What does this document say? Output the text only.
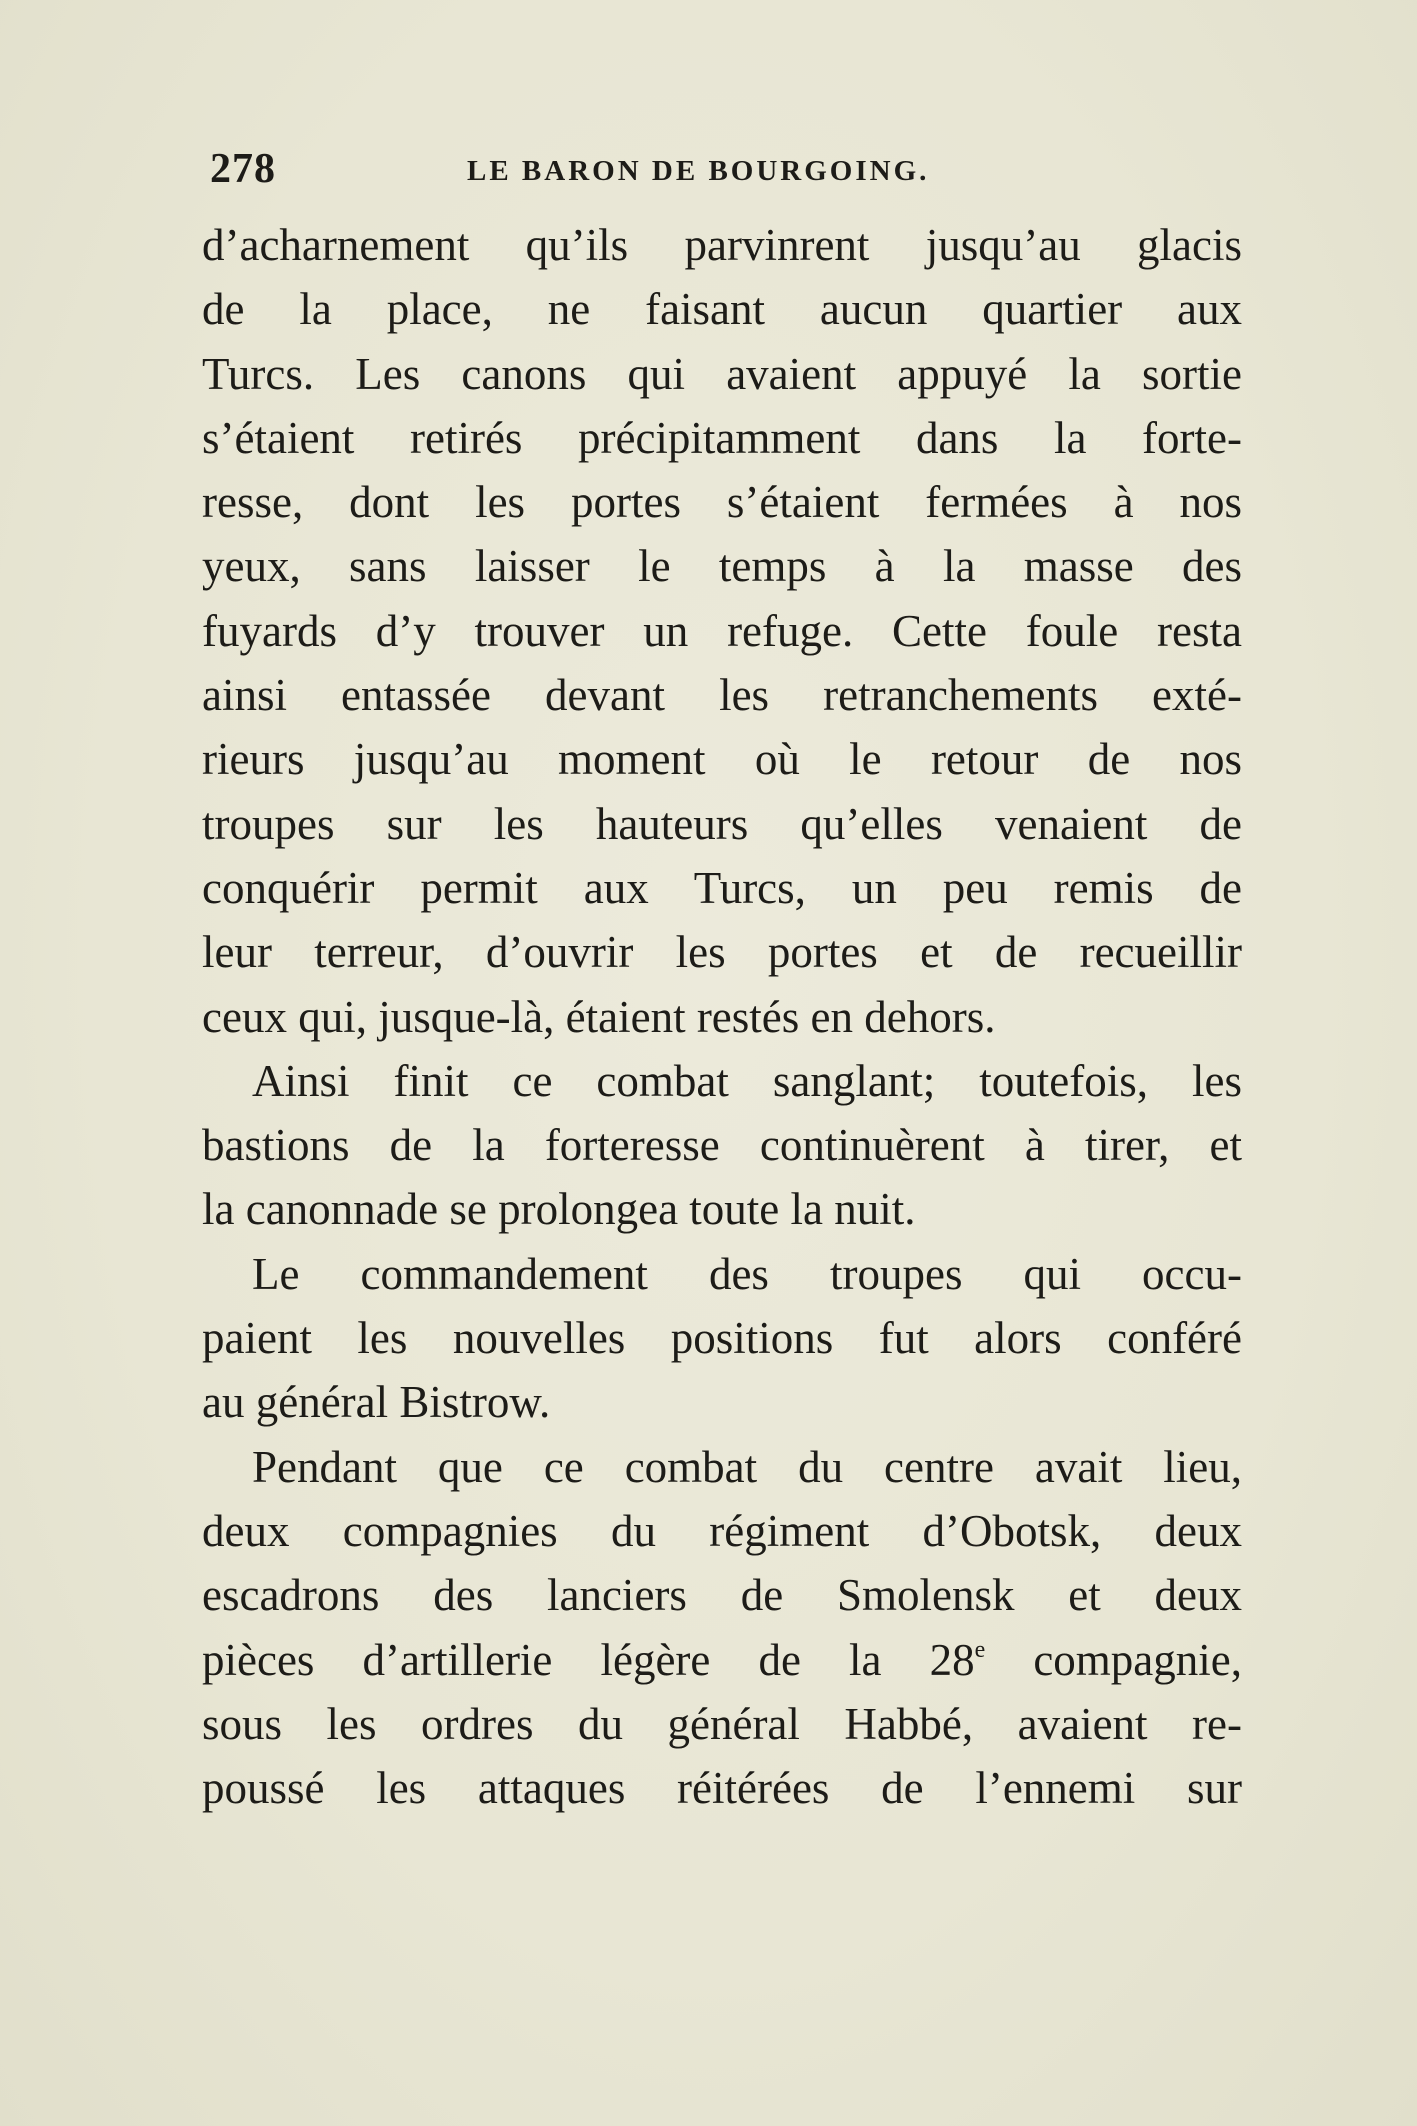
278	LE BARON DE BOURGOING.
d’acharnement qu’ils parvinrent jusqu’au glacis
de la place, ne faisant aucun quartier aux
Turcs. Les canons qui avaient appuyé la sortie
s’étaient retirés précipitamment dans la forte-
resse, dont les portes s’étaient fermées à nos
yeux, sans laisser le temps à la masse des
fuyards d’y trouver un refuge. Cette foule resta
ainsi entassée devant les retranchements exté-
rieurs jusqu’au moment où le retour de nos
troupes sur les hauteurs qu’elles venaient de
conquérir permit aux Turcs, un peu remis de
leur terreur, d’ouvrir les portes et de recueillir
ceux qui, jusque-là, étaient restés en dehors.
Ainsi finit ce combat sanglant; toutefois, les
bastions de la forteresse continuèrent à tirer, et
la canonnade se prolongea toute la nuit.
Le commandement des troupes qui occu-
paient les nouvelles positions fut alors conféré
au général Bistrow.
Pendant que ce combat du centre avait lieu,
deux compagnies du régiment d’Obotsk, deux
escadrons des lanciers de Smolensk et deux
pièces d’artillerie légère de la 28e compagnie,
sous les ordres du général Habbé, avaient re-
poussé les attaques réitérées de l’ennemi sur
